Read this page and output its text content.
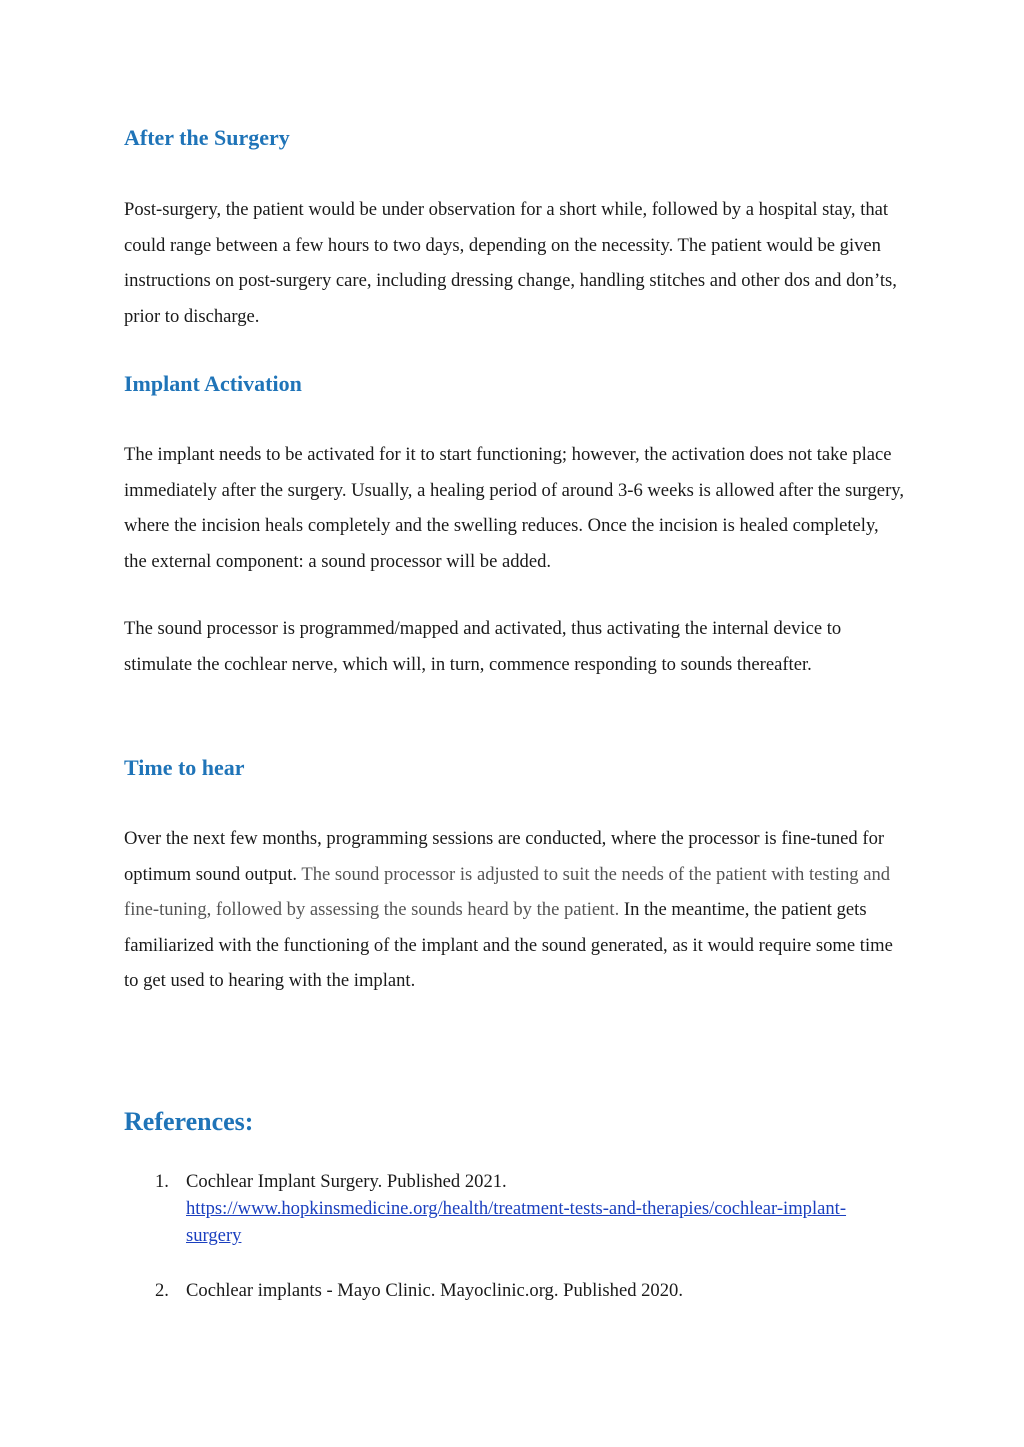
After the Surgery

Post-surgery, the patient would be under observation for a short while, followed by a hospital stay, that could range between a few hours to two days, depending on the necessity. The patient would be given instructions on post-surgery care, including dressing change, handling stitches and other dos and don’ts, prior to discharge.

Implant Activation

The implant needs to be activated for it to start functioning; however, the activation does not take place immediately after the surgery. Usually, a healing period of around 3-6 weeks is allowed after the surgery, where the incision heals completely and the swelling reduces. Once the incision is healed completely, the external component: a sound processor will be added.

The sound processor is programmed/mapped and activated, thus activating the internal device to stimulate the cochlear nerve, which will, in turn, commence responding to sounds thereafter.

Time to hear

Over the next few months, programming sessions are conducted, where the processor is fine-tuned for optimum sound output. The sound processor is adjusted to suit the needs of the patient with testing and fine-tuning, followed by assessing the sounds heard by the patient. In the meantime, the patient gets familiarized with the functioning of the implant and the sound generated, as it would require some time to get used to hearing with the implant.

References:
1. Cochlear Implant Surgery. Published 2021.
https://www.hopkinsmedicine.org/health/treatment-tests-and-therapies/cochlear-implant-surgery
2. Cochlear implants - Mayo Clinic. Mayoclinic.org. Published 2020.
